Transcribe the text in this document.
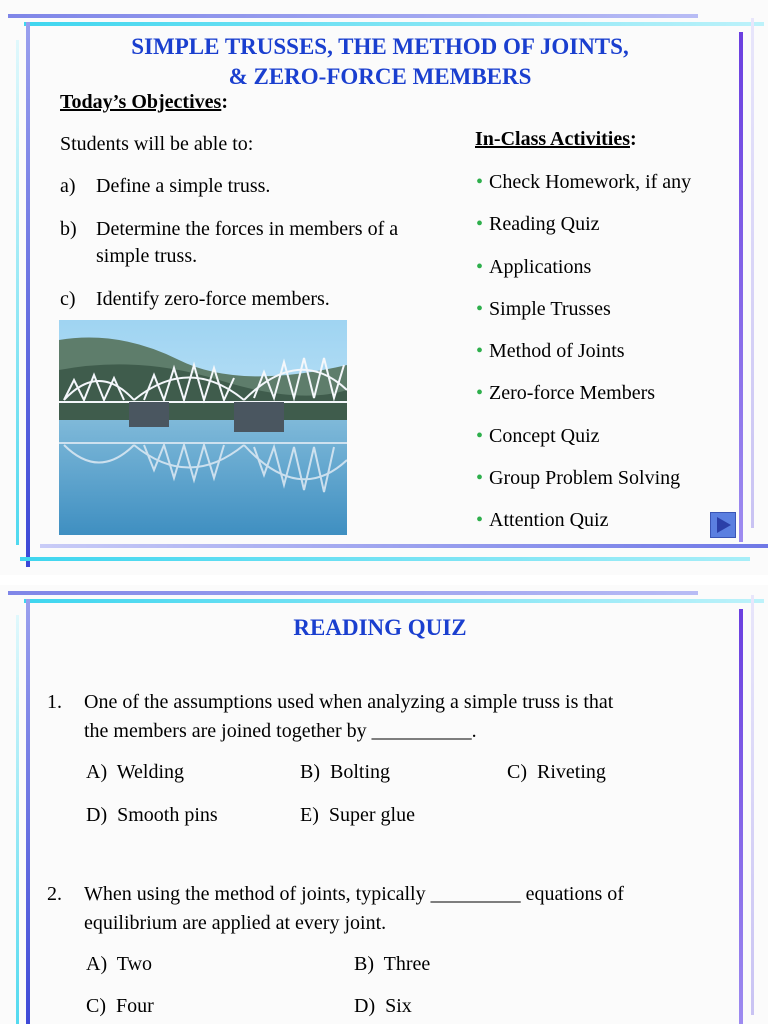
SIMPLE TRUSSES, THE METHOD OF JOINTS,
& ZERO-FORCE MEMBERS
Today’s Objectives:
Students will be able to:
a) Define a simple truss.
b) Determine the forces in members of a
simple truss.
c) Identify zero-force members.
In-Class Activities:
• Check Homework, if any
• Reading Quiz
• Applications
• Simple Trusses
• Method of Joints
• Zero-force Members
• Concept Quiz
• Group Problem Solving
• Attention Quiz
READING QUIZ
1. One of the assumptions used when analyzing a simple truss is that
the members are joined together by __________.
A) Welding	B) Bolting	C) Riveting
D) Smooth pins	E) Super glue
2. When using the method of joints, typically _________ equations of
equilibrium are applied at every joint.
A) Two	B) Three
C) Four	D) Six
